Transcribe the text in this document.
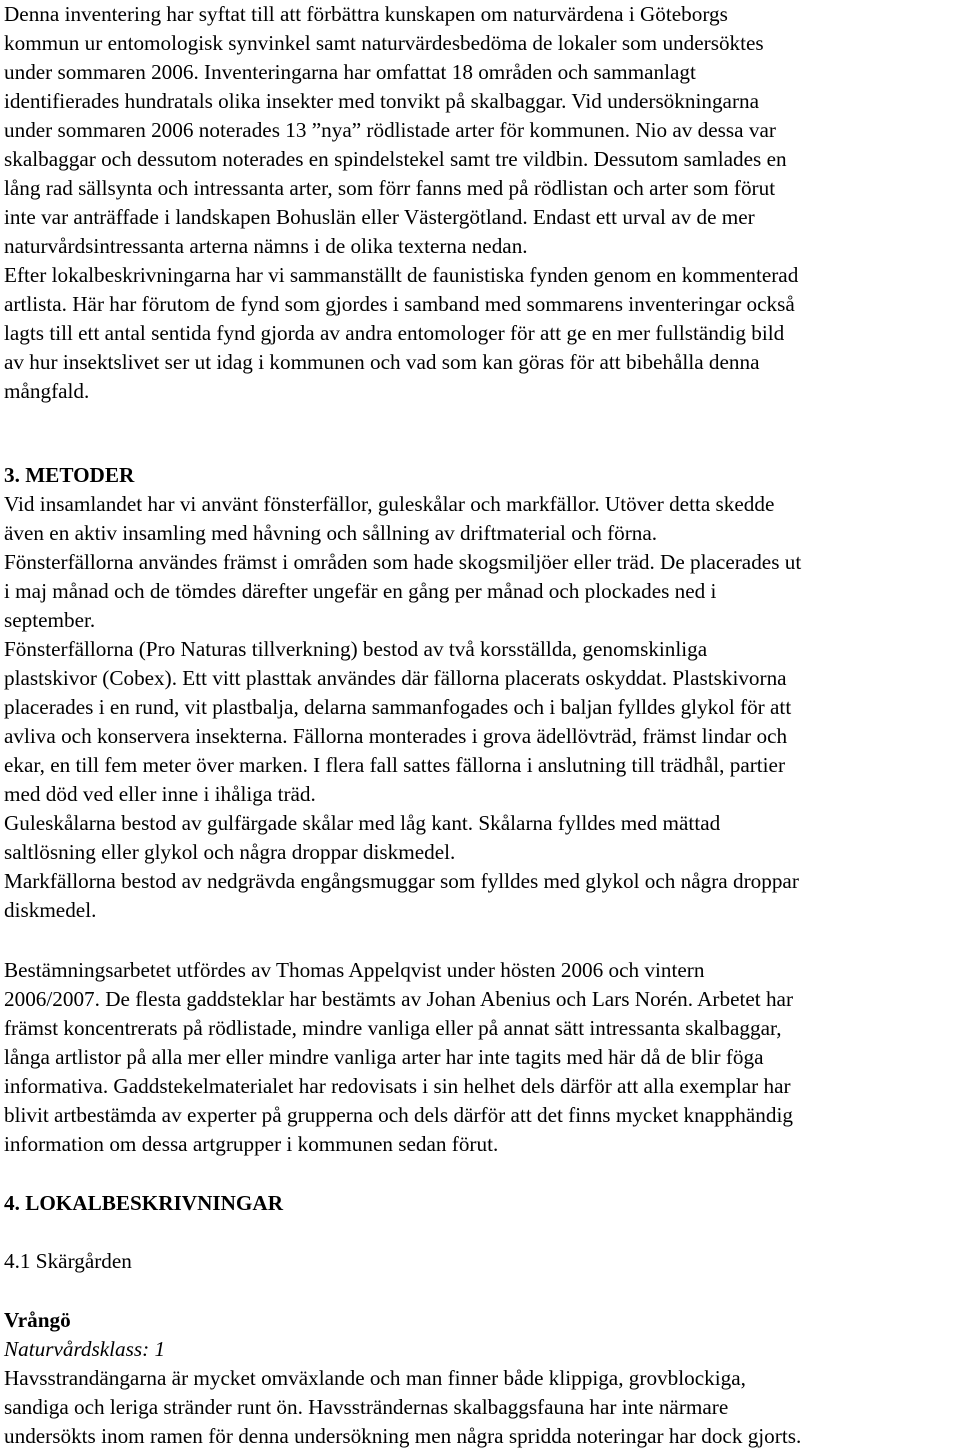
Denna inventering har syftat till att förbättra kunskapen om naturvärdena i Göteborgs

kommun ur entomologisk synvinkel samt naturvärdesbedöma de lokaler som undersöktes

under sommaren 2006. Inventeringarna har omfattat 18 områden och sammanlagt

identifierades hundratals olika insekter med tonvikt på skalbaggar. Vid undersökningarna

under sommaren 2006 noterades 13 ”nya” rödlistade arter för kommunen. Nio av dessa var

skalbaggar och dessutom noterades en spindelstekel samt tre vildbin. Dessutom samlades en

lång rad sällsynta och intressanta arter, som förr fanns med på rödlistan och arter som förut

inte var anträffade i landskapen Bohuslän eller Västergötland. Endast ett urval av de mer

naturvårdsintressanta arterna nämns i de olika texterna nedan.

Efter lokalbeskrivningarna har vi sammanställt de faunistiska fynden genom en kommenterad

artlista. Här har förutom de fynd som gjordes i samband med sommarens inventeringar också

lagts till ett antal sentida fynd gjorda av andra entomologer för att ge en mer fullständig bild

av hur insektslivet ser ut idag i kommunen och vad som kan göras för att bibehålla denna

mångfald.

3. METODER

Vid insamlandet har vi använt fönsterfällor, guleskålar och markfällor. Utöver detta skedde

även en aktiv insamling med håvning och sållning av driftmaterial och förna.

Fönsterfällorna användes främst i områden som hade skogsmiljöer eller träd. De placerades ut

i maj månad och de tömdes därefter ungefär en gång per månad och plockades ned i

september.

Fönsterfällorna (Pro Naturas tillverkning) bestod av två korsställda, genomskinliga

plastskivor (Cobex). Ett vitt plasttak användes där fällorna placerats oskyddat. Plastskivorna

placerades i en rund, vit plastbalja, delarna sammanfogades och i baljan fylldes glykol för att

avliva och konservera insekterna. Fällorna monterades i grova ädellövträd, främst lindar och

ekar, en till fem meter över marken. I flera fall sattes fällorna i anslutning till trädhål, partier

med död ved eller inne i ihåliga träd.

Guleskålarna bestod av gulfärgade skålar med låg kant. Skålarna fylldes med mättad

saltlösning eller glykol och några droppar diskmedel.

Markfällorna bestod av nedgrävda engångsmuggar som fylldes med glykol och några droppar

diskmedel.

Bestämningsarbetet utfördes av Thomas Appelqvist under hösten 2006 och vintern

2006/2007. De flesta gaddsteklar har bestämts av Johan Abenius och Lars Norén. Arbetet har

främst koncentrerats på rödlistade, mindre vanliga eller på annat sätt intressanta skalbaggar,

långa artlistor på alla mer eller mindre vanliga arter har inte tagits med här då de blir föga

informativa. Gaddstekelmaterialet har redovisats i sin helhet dels därför att alla exemplar har

blivit artbestämda av experter på grupperna och dels därför att det finns mycket knapphändig

information om dessa artgrupper i kommunen sedan förut.

4. LOKALBESKRIVNINGAR

4.1 Skärgården

Vrångö

Naturvårdsklass: 1

Havsstrandängarna är mycket omväxlande och man finner både klippiga, grovblockiga,

sandiga och leriga stränder runt ön. Havssträndernas skalbaggsfauna har inte närmare

undersökts inom ramen för denna undersökning men några spridda noteringar har dock gjorts.
